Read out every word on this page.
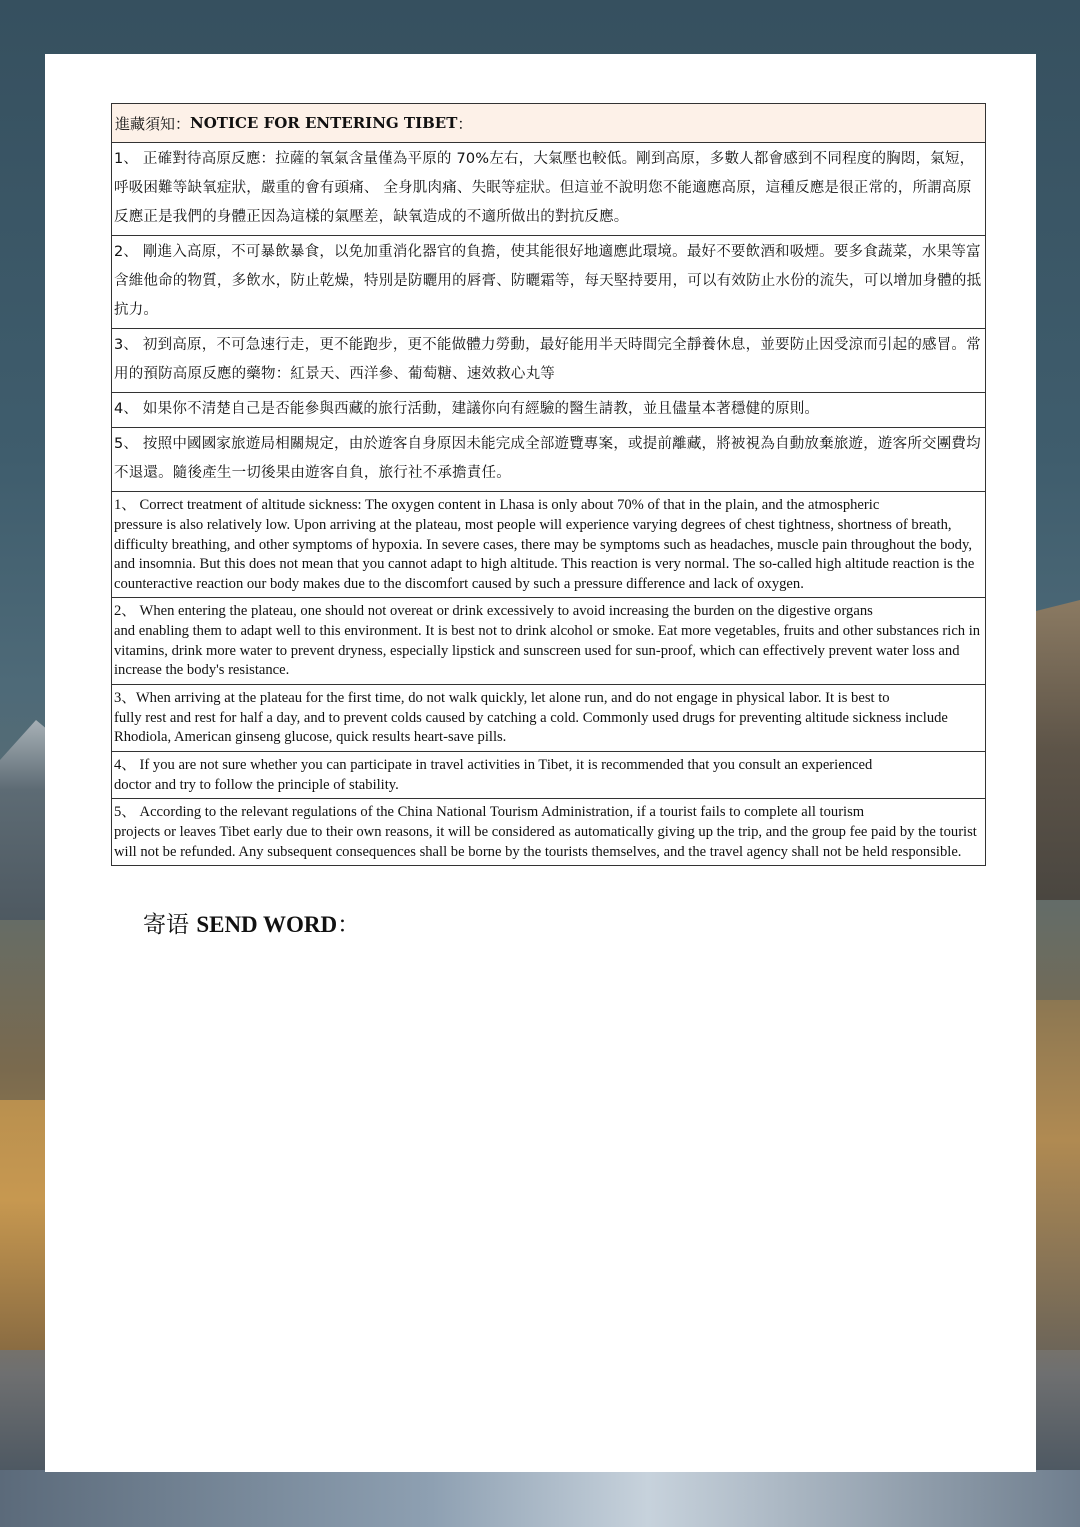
進藏須知： NOTICE FOR ENTERING TIBET ：
1、 正確對待高原反應：拉薩的氧氣含量僅為平原的 70%左右，大氣壓也較低。剛到高原，多數人都會感到不同程度的胸悶，氣短，呼吸困難等缺氧症狀，嚴重的會有頭痛、 全身肌肉痛、失眠等症狀。但這並不說明您不能適應高原，這種反應是很正常的，所謂高原反應正是我們的身體正因為這樣的氣壓差，缺氧造成的不適所做出的對抗反應。
2、 剛進入高原，不可暴飲暴食，以免加重消化器官的負擔，使其能很好地適應此環境。最好不要飲酒和吸煙。要多食蔬菜，水果等富含維他命的物質，多飲水，防止乾燥，特別是防曬用的唇膏、防曬霜等，每天堅持要用，可以有效防止水份的流失，可以增加身體的抵抗力。
3、 初到高原，不可急速行走，更不能跑步，更不能做體力勞動，最好能用半天時間完全靜養休息，並要防止因受涼而引起的感冒。常用的預防高原反應的藥物：紅景天、西洋參、葡萄糖、速效救心丸等
4、 如果你不清楚自己是否能參與西藏的旅行活動，建議你向有經驗的醫生請教，並且儘量本著穩健的原則。
5、 按照中國國家旅遊局相關規定，由於遊客自身原因未能完成全部遊覽專案，或提前離藏，將被視為自動放棄旅遊，遊客所交團費均不退還。隨後產生一切後果由遊客自負，旅行社不承擔責任。
1、 Correct treatment of altitude sickness: The oxygen content in Lhasa is only about 70% of that in the plain, and the atmospheric
pressure is also relatively low. Upon arriving at the plateau, most people will experience varying degrees of chest tightness, shortness of breath, difficulty breathing, and other symptoms of hypoxia. In severe cases, there may be symptoms such as headaches, muscle pain throughout the body, and insomnia. But this does not mean that you cannot adapt to high altitude. This reaction is very normal. The so-called high altitude reaction is the counteractive reaction our body makes due to the discomfort caused by such a pressure difference and lack of oxygen.
2、 When entering the plateau, one should not overeat or drink excessively to avoid increasing the burden on the digestive organs
and enabling them to adapt well to this environment. It is best not to drink alcohol or smoke. Eat more vegetables, fruits and other substances rich in vitamins, drink more water to prevent dryness, especially lipstick and sunscreen used for sun-proof, which can effectively prevent water loss and increase the body's resistance.
3、When arriving at the plateau for the first time, do not walk quickly, let alone run, and do not engage in physical labor. It is best to
fully rest and rest for half a day, and to prevent colds caused by catching a cold. Commonly used drugs for preventing altitude sickness include Rhodiola, American ginseng glucose, quick results heart-save pills.
4、 If you are not sure whether you can participate in travel activities in Tibet, it is recommended that you consult an experienced
doctor and try to follow the principle of stability.
5、 According to the relevant regulations of the China National Tourism Administration, if a tourist fails to complete all tourism
projects or leaves Tibet early due to their own reasons, it will be considered as automatically giving up the trip, and the group fee paid by the tourist will not be refunded. Any subsequent consequences shall be borne by the tourists themselves, and the travel agency shall not be held responsible.
寄语 SEND WORD：
